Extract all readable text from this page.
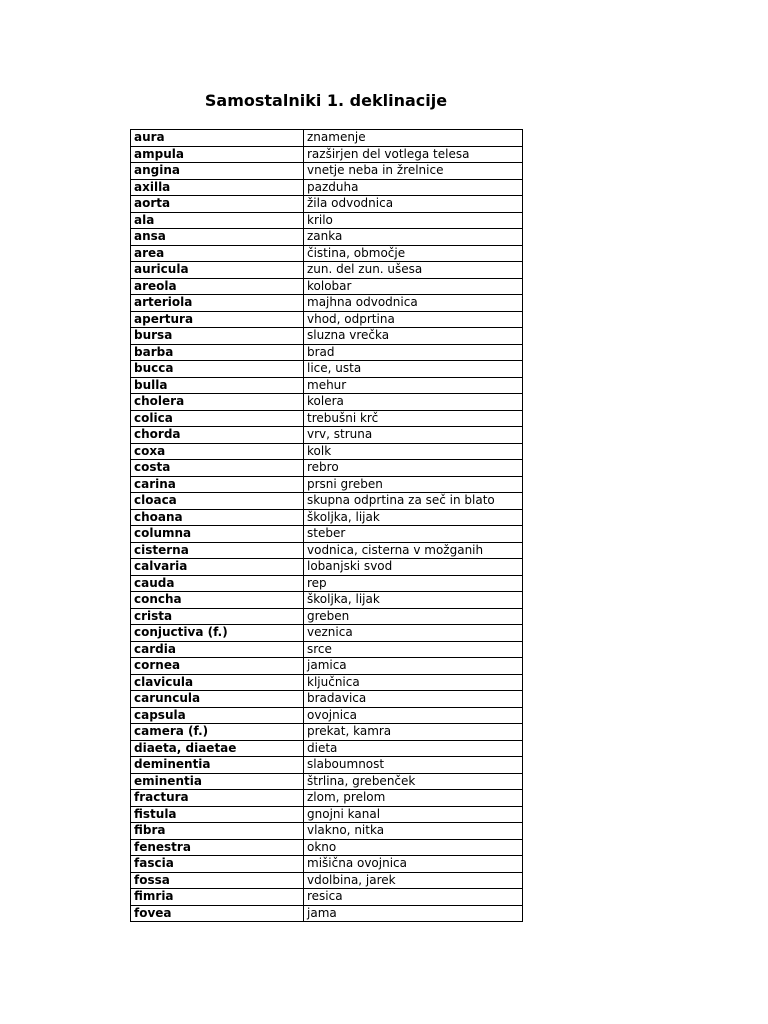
Samostalniki 1. deklinacije
aura	znamenje
ampula	razširjen del votlega telesa
angina	vnetje neba in žrelnice
axilla	pazduha
aorta	žila odvodnica
ala	krilo
ansa	zanka
area	čistina, območje
auricula	zun. del zun. ušesa
areola	kolobar
arteriola	majhna odvodnica
apertura	vhod, odprtina
bursa	sluzna vrečka
barba	brad
bucca	lice, usta
bulla	mehur
cholera	kolera
colica	trebušni krč
chorda	vrv, struna
coxa	kolk
costa	rebro
carina	prsni greben
cloaca	skupna odprtina za seč in blato
choana	školjka, lijak
columna	steber
cisterna	vodnica, cisterna v možganih
calvaria	lobanjski svod
cauda	rep
concha	školjka, lijak
crista	greben
conjuctiva (f.)	veznica
cardia	srce
cornea	jamica
clavicula	ključnica
caruncula	bradavica
capsula	ovojnica
camera (f.)	prekat, kamra
diaeta, diaetae	dieta
deminentia	slaboumnost
eminentia	štrlina, grebenček
fractura	zlom, prelom
fistula	gnojni kanal
fibra	vlakno, nitka
fenestra	okno
fascia	mišična ovojnica
fossa	vdolbina, jarek
fimria	resica
fovea	jama
